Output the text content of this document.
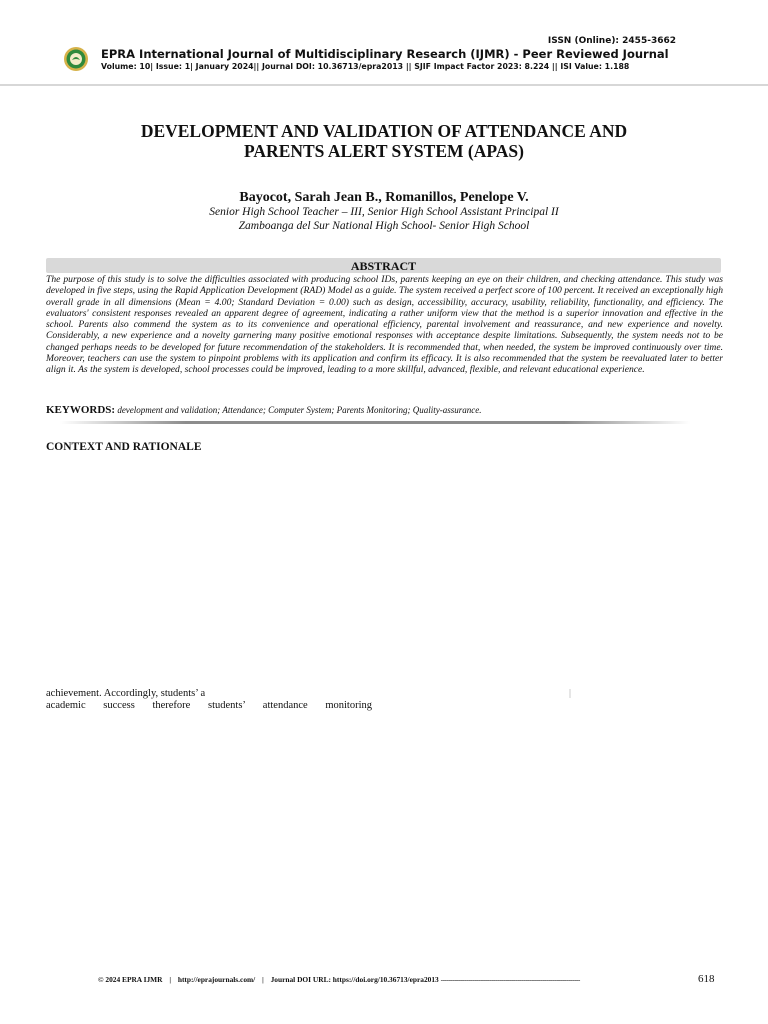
ISSN (Online): 2455-3662
EPRA International Journal of Multidisciplinary Research (IJMR) - Peer Reviewed Journal
Volume: 10| Issue: 1| January 2024|| Journal DOI: 10.36713/epra2013 || SJIF Impact Factor 2023: 8.224 || ISI Value: 1.188
DEVELOPMENT AND VALIDATION OF ATTENDANCE AND
PARENTS ALERT SYSTEM (APAS)
Bayocot, Sarah Jean B., Romanillos, Penelope V.
Senior High School Teacher – III, Senior High School Assistant Principal II
Zamboanga del Sur National High School- Senior High School
ABSTRACT
The purpose of this study is to solve the difficulties associated with producing school IDs, parents keeping an eye on their children, and checking attendance. This study was developed in five steps, using the Rapid Application Development (RAD) Model as a guide. The system received a perfect score of 100 percent. It received an exceptionally high overall grade in all dimensions (Mean = 4.00; Standard Deviation = 0.00) such as design, accessibility, accuracy, usability, reliability, functionality, and efficiency. The evaluators' consistent responses revealed an apparent degree of agreement, indicating a rather uniform view that the method is a superior innovation and effective in the school. Parents also commend the system as to its convenience and operational efficiency, parental involvement and reassurance, and new experience and novelty. Considerably, a new experience and a novelty garnering many positive emotional responses with acceptance despite limitations. Subsequently, the system needs not to be changed perhaps needs to be developed for future recommendation of the stakeholders. It is recommended that, when needed, the system be improved continuously over time. Moreover, teachers can use the system to pinpoint problems with its application and confirm its efficacy. It is also recommended that the system be reevaluated later to better align it. As the system is developed, school processes could be improved, leading to a more skillful, advanced, flexible, and relevant educational experience.
KEYWORDS: development and validation; Attendance; Computer System; Parents Monitoring; Quality-assurance.
CONTEXT AND RATIONALE
achievement. Accordingly, students’ a
academic success therefore students’ attendance monitoring
© 2024 EPRA IJMR | http://eprajournals.com/ | Journal DOI URL: https://doi.org/10.36713/epra2013 -----------------------------------------------------------------------	618
